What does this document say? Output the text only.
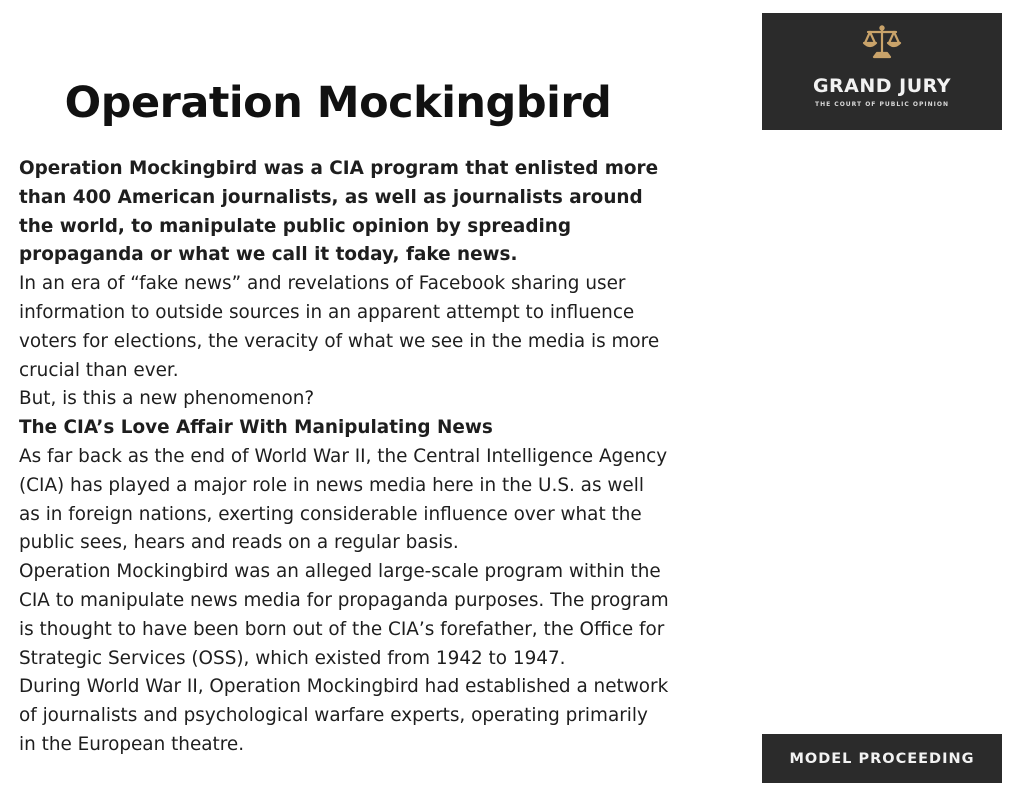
Operation Mockingbird

Operation Mockingbird was a CIA program that enlisted more than 400 American journalists, as well as journalists around the world, to manipulate public opinion by spreading propaganda or what we call it today, fake news.

In an era of “fake news” and revelations of Facebook sharing user information to outside sources in an apparent attempt to influence voters for elections, the veracity of what we see in the media is more crucial than ever.

But, is this a new phenomenon?

The CIA’s Love Affair With Manipulating News

As far back as the end of World War II, the Central Intelligence Agency (CIA) has played a major role in news media here in the U.S. as well as in foreign nations, exerting considerable influence over what the public sees, hears and reads on a regular basis.

Operation Mockingbird was an alleged large-scale program within the CIA to manipulate news media for propaganda purposes. The program is thought to have been born out of the CIA’s forefather, the Office for Strategic Services (OSS), which existed from 1942 to 1947.

During World War II, Operation Mockingbird had established a network of journalists and psychological warfare experts, operating primarily in the European theatre.

GRAND JURY
THE COURT OF PUBLIC OPINION
MODEL PROCEEDING
